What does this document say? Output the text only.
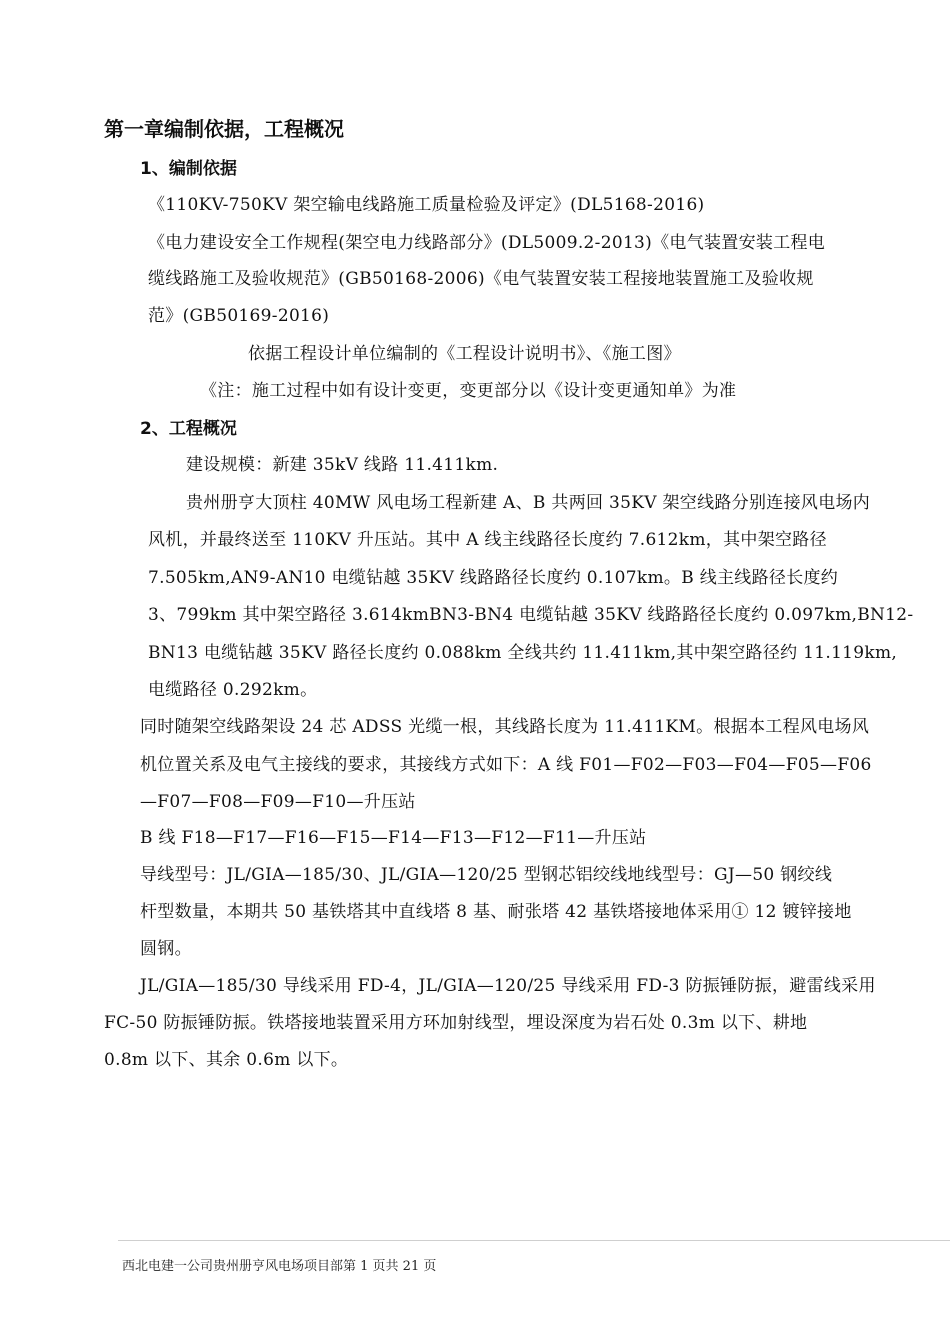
第一章编制依据，工程概况
1、编制依据
《110KV-750KV 架空输电线路施工质量检验及评定》(DL5168-2016)
《电力建设安全工作规程(架空电力线路部分》(DL5009.2-2013)《电气装置安装工程电
缆线路施工及验收规范》(GB50168-2006)《电气装置安装工程接地装置施工及验收规
范》(GB50169-2016)
依据工程设计单位编制的《工程设计说明书》、《施工图》
《注：施工过程中如有设计变更，变更部分以《设计变更通知单》为准
2、工程概况
建设规模：新建 35kV 线路 11.411km.
贵州册亨大顶柱 40MW 风电场工程新建 A、B 共两回 35KV 架空线路分别连接风电场内
风机，并最终送至 110KV 升压站。其中 A 线主线路径长度约 7.612km，其中架空路径
7.505km,AN9-AN10 电缆钻越 35KV 线路路径长度约 0.107km。B 线主线路径长度约
3、799km 其中架空路径 3.614kmBN3-BN4 电缆钻越 35KV 线路路径长度约 0.097km,BN12-
BN13 电缆钻越 35KV 路径长度约 0.088km 全线共约 11.411km,其中架空路径约 11.119km,
电缆路径 0.292km。
同时随架空线路架设 24 芯 ADSS 光缆一根，其线路长度为 11.411KM。根据本工程风电场风
机位置关系及电气主接线的要求，其接线方式如下：A 线 F01—F02—F03—F04—F05—F06
—F07—F08—F09—F10—升压站
B 线 F18—F17—F16—F15—F14—F13—F12—F11—升压站
导线型号：JL/GIA—185/30、JL/GIA—120/25 型钢芯铝绞线地线型号：GJ—50 钢绞线
杆型数量，本期共 50 基铁塔其中直线塔 8 基、耐张塔 42 基铁塔接地体采用① 12 镀锌接地
圆钢。
JL/GIA—185/30 导线采用 FD-4，JL/GIA—120/25 导线采用 FD-3 防振锤防振，避雷线采用
FC-50 防振锤防振。铁塔接地装置采用方环加射线型，埋设深度为岩石处 0.3m 以下、耕地
0.8m 以下、其余 0.6m 以下。
西北电建一公司贵州册亨风电场项目部第 1 页共 21 页
